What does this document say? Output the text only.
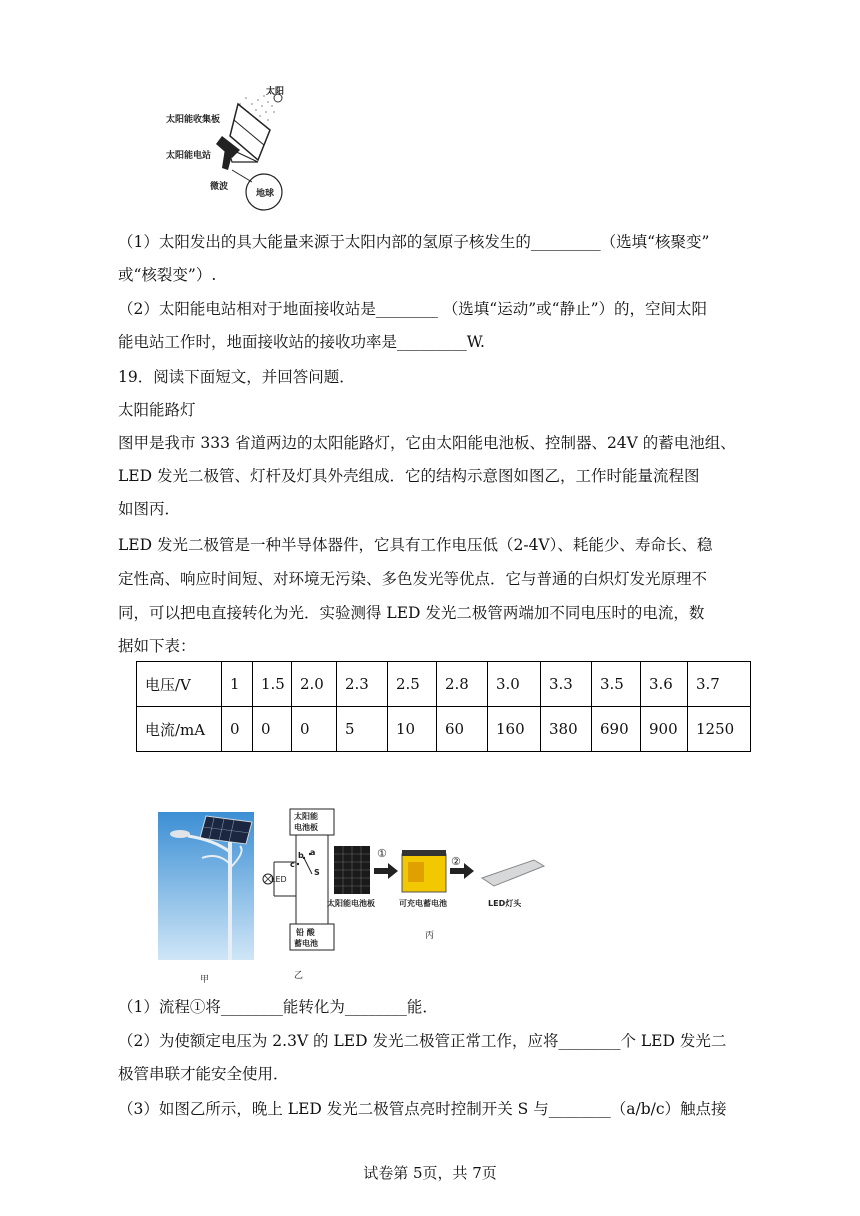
太阳
太阳能收集板
太阳能电站
微波
地球
（1）太阳发出的具大能量来源于太阳内部的氢原子核发生的_________（选填“核聚变”
或“核裂变”）.
（2）太阳能电站相对于地面接收站是________ （选填“运动”或“静止”）的，空间太阳
能电站工作时，地面接收站的接收功率是_________W.
19．阅读下面短文，并回答问题．
太阳能路灯
图甲是我市 333 省道两边的太阳能路灯，它由太阳能电池板、控制器、24V 的蓄电池组、
LED 发光二极管、灯杆及灯具外壳组成．它的结构示意图如图乙，工作时能量流程图
如图丙．
LED 发光二极管是一种半导体器件，它具有工作电压低（2-4V）、耗能少、寿命长、稳
定性高、响应时间短、对环境无污染、多色发光等优点．它与普通的白炽灯发光原理不
同，可以把电直接转化为光．实验测得 LED 发光二极管两端加不同电压时的电流，数
据如下表：
电压/V	1	1.5	2.0	2.3	2.5	2.8	3.0	3.3	3.5	3.6	3.7
电流/mA	0	0	0	5	10	60	160	380	690	900	1250
甲
太阳能
电池板
铅 酸
蓄电池
LED
b a
c
S
乙
①
②
太阳能电池板	可充电蓄电池	LED灯头
丙
（1）流程①将________能转化为________能．
（2）为使额定电压为 2.3V 的 LED 发光二极管正常工作，应将________个 LED 发光二
极管串联才能安全使用．
（3）如图乙所示，晚上 LED 发光二极管点亮时控制开关 S 与________（a/b/c）触点接
试卷第 5页，共 7页
